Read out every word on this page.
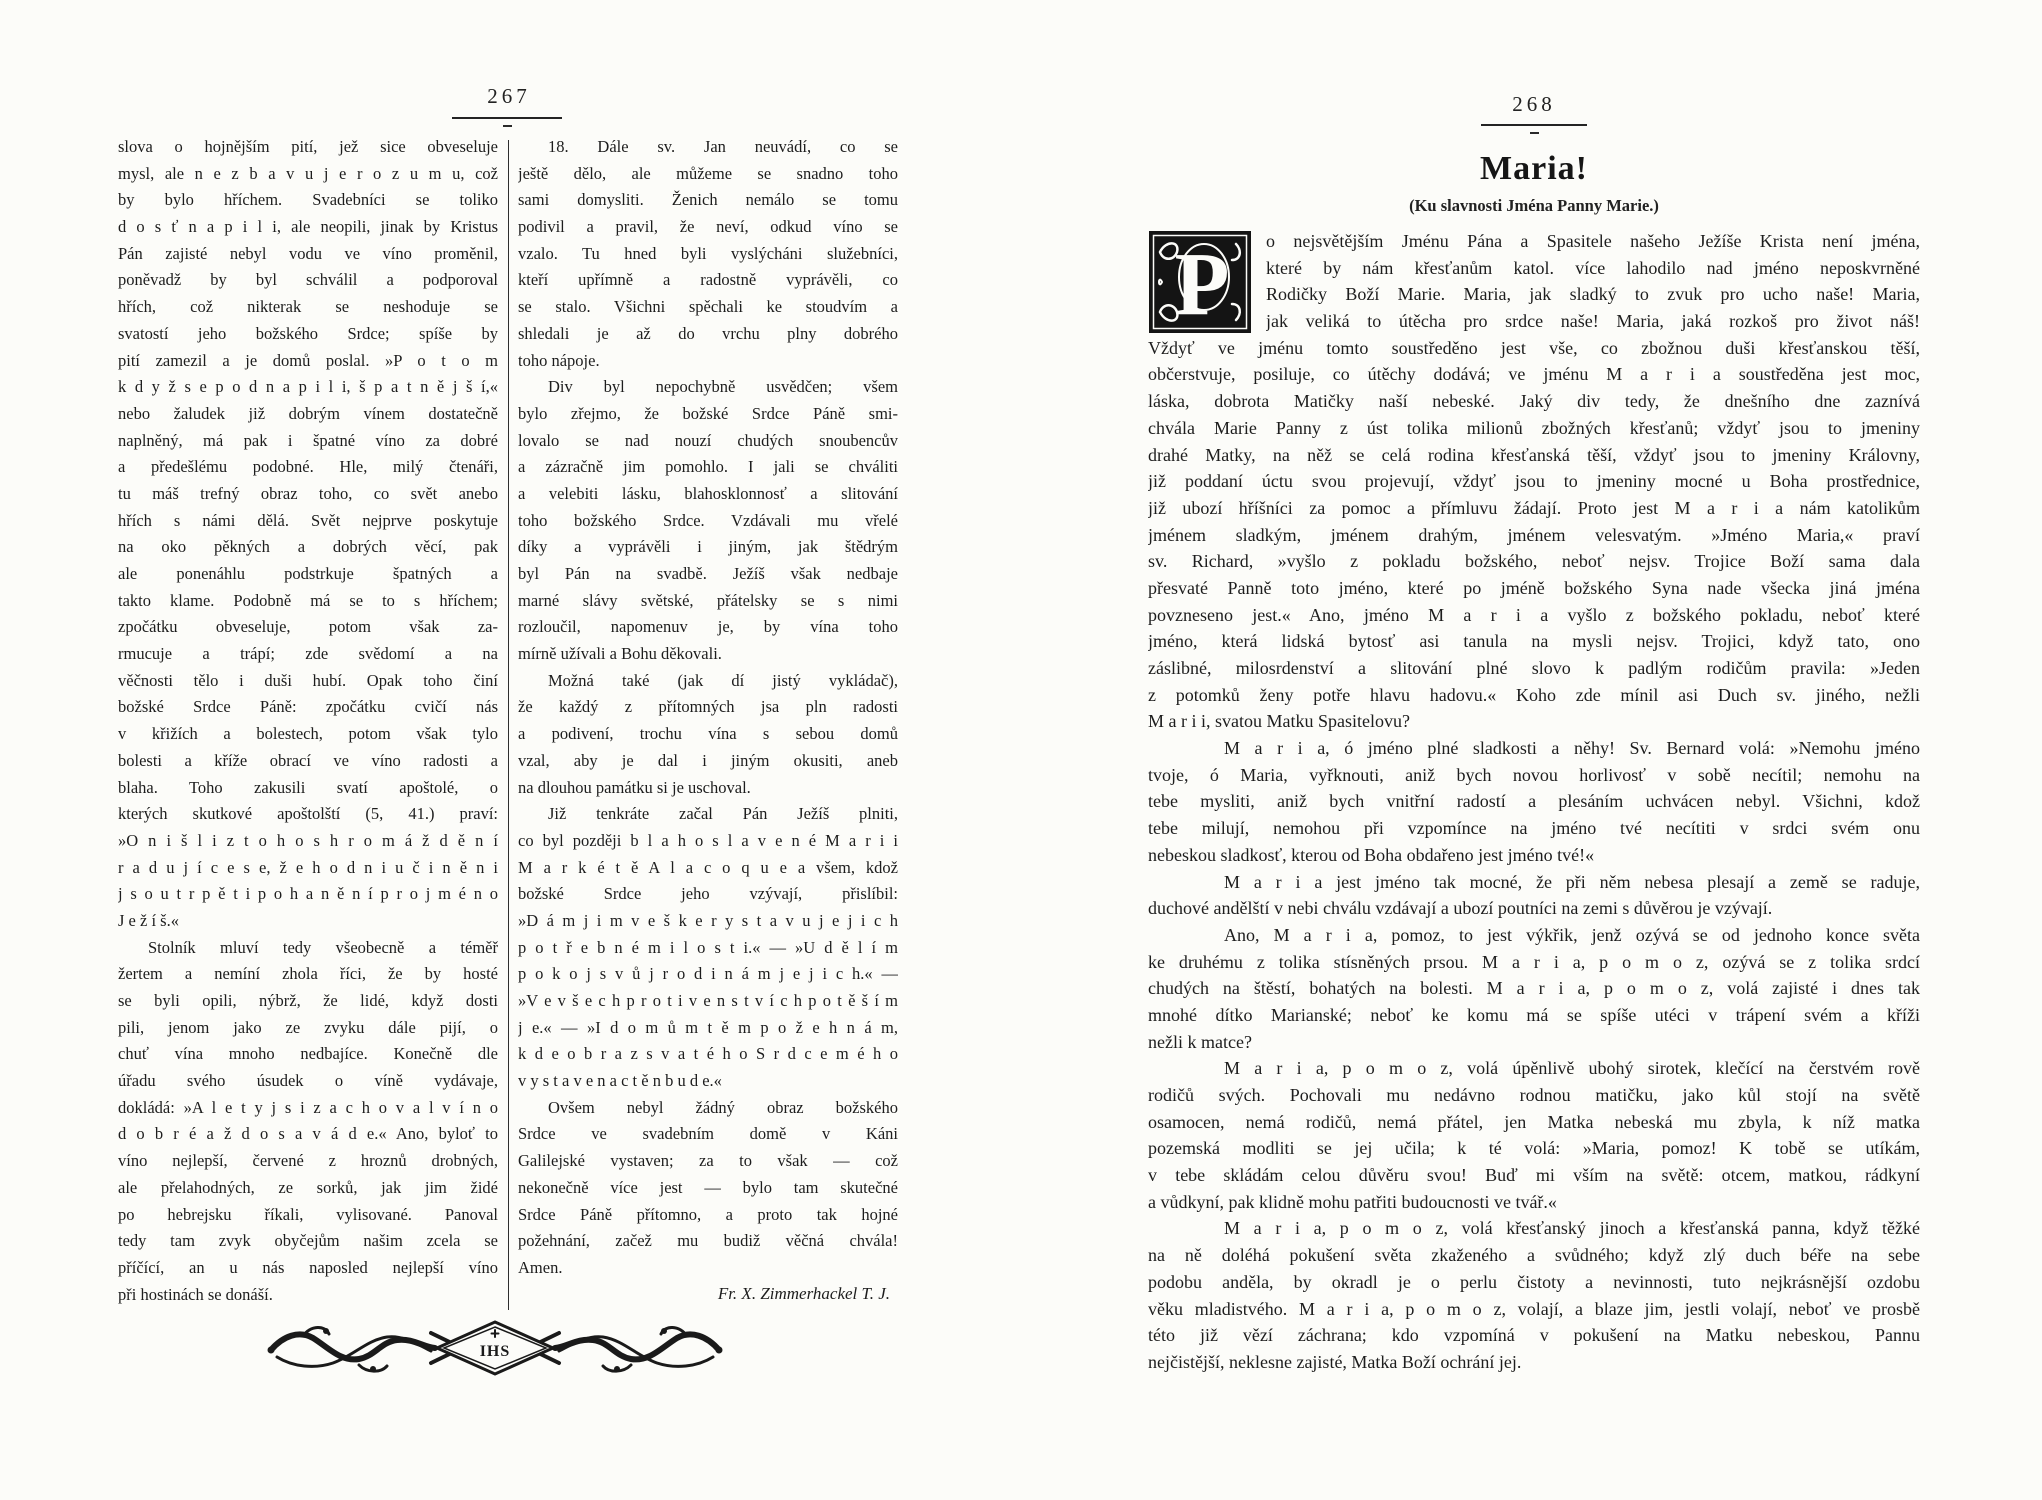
267
slova o hojnějším pití, jež sice obveseluje
mysl, ale n e z b a v u j e r o z u m u, což
by bylo hříchem. Svadebníci se toliko
d o s ť n a p i l i, ale neopili, jinak by Kristus
Pán zajisté nebyl vodu ve víno proměnil,
poněvadž by byl schválil a podporoval
hřích, což nikterak se neshoduje se
svatostí jeho božského Srdce; spíše by
pití zamezil a je domů poslal. »P o t o m
k d y ž s e p o d n a p i l i, š p a t n ě j š í,«
nebo žaludek již dobrým vínem dostatečně
naplněný, má pak i špatné víno za dobré
a předešlému podobné. Hle, milý čtenáři,
tu máš trefný obraz toho, co svět anebo
hřích s námi dělá. Svět nejprve poskytuje
na oko pěkných a dobrých věcí, pak
ale ponenáhlu podstrkuje špatných a
takto klame. Podobně má se to s hříchem;
zpočátku obveseluje, potom však za-
rmucuje a trápí; zde svědomí a na
věčnosti tělo i duši hubí. Opak toho činí
božské Srdce Páně: zpočátku cvičí nás
v křižích a bolestech, potom však tylo
bolesti a kříže obrací ve víno radosti a
blaha. Toho zakusili svatí apoštolé, o
kterých skutkové apoštolští (5, 41.) praví:
»O n i š l i z t o h o s h r o m á ž d ě n í
r a d u j í c e s e, ž e h o d n i u č i n ě n i
j s o u t r p ě t i p o h a n ě n í p r o j m é n o
J e ž í š.«
Stolník mluví tedy všeobecně a téměř
žertem a nemíní zhola říci, že by hosté
se byli opili, nýbrž, že lidé, když dosti
pili, jenom jako ze zvyku dále pijí, o
chuť vína mnoho nedbajíce. Konečně dle
úřadu svého úsudek o víně vydávaje,
dokládá: »A l e t y j s i z a c h o v a l v í n o
d o b r é a ž d o s a v á d e.« Ano, byloť to
víno nejlepší, červené z hroznů drobných,
ale přelahodných, ze sorků, jak jim židé
po hebrejsku říkali, vylisované. Panoval
tedy tam zvyk obyčejům našim zcela se
příčící, an u nás naposled nejlepší víno
při hostinách se donáší.
18. Dále sv. Jan neuvádí, co se
ještě dělo, ale můžeme se snadno toho
sami domysliti. Ženich nemálo se tomu
podivil a pravil, že neví, odkud víno se
vzalo. Tu hned byli vyslýcháni služebníci,
kteří upřímně a radostně vyprávěli, co
se stalo. Všichni spěchali ke stoudvím a
shledali je až do vrchu plny dobrého
toho nápoje.
Div byl nepochybně usvědčen; všem
bylo zřejmo, že božské Srdce Páně smi-
lovalo se nad nouzí chudých snoubencův
a zázračně jim pomohlo. I jali se chváliti
a velebiti lásku, blahosklonnosť a slitování
toho božského Srdce. Vzdávali mu vřelé
díky a vyprávěli i jiným, jak štědrým
byl Pán na svadbě. Ježíš však nedbaje
marné slávy světské, přátelsky se s nimi
rozloučil, napomenuv je, by vína toho
mírně užívali a Bohu děkovali.
Možná také (jak dí jistý vykládač),
že každý z přítomných jsa pln radosti
a podivení, trochu vína s sebou domů
vzal, aby je dal i jiným okusiti, aneb
na dlouhou památku si je uschoval.
Již tenkráte začal Pán Ježíš plniti,
co byl později b l a h o s l a v e n é M a r i i
M a r k é t ě A l a c o q u e a všem, kdož
božské Srdce jeho vzývají, přislíbil:
»D á m j i m v e š k e r y s t a v u j e j i c h
p o t ř e b n é m i l o s t i.« — »U d ě l í m
p o k o j s v ů j r o d i n á m j e j i c h.« —
»V e v š e c h p r o t i v e n s t v í c h p o t ě š í m
j e.« — »I d o m ů m t ě m p o ž e h n á m,
k d e o b r a z s v a t é h o S r d c e m é h o
v y s t a v e n a c t ě n b u d e.«
Ovšem nebyl žádný obraz božského
Srdce ve svadebním domě v Káni
Galilejské vystaven; za to však — což
nekonečně více jest — bylo tam skutečné
Srdce Páně přítomno, a proto tak hojné
požehnání, začež mu budiž věčná chvála!
Amen.
Fr. X. Zimmerhackel T. J.
IHS
268
Maria!
(Ku slavnosti Jména Panny Marie.)
P o nejsvětějším Jménu Pána a Spasitele našeho Ježíše Krista není jména,
které by nám křesťanům katol. více lahodilo nad jméno neposkvrněné
Rodičky Boží Marie. Maria, jak sladký to zvuk pro ucho naše! Maria,
jak veliká to útěcha pro srdce naše! Maria, jaká rozkoš pro život náš!
Vždyť ve jménu tomto soustředěno jest vše, co zbožnou duši křesťanskou těší,
občerstvuje, posiluje, co útěchy dodává; ve jménu M a r i a soustředěna jest moc,
láska, dobrota Matičky naší nebeské. Jaký div tedy, že dnešního dne zaznívá
chvála Marie Panny z úst tolika milionů zbožných křesťanů; vždyť jsou to jmeniny
drahé Matky, na něž se celá rodina křesťanská těší, vždyť jsou to jmeniny Královny,
již poddaní úctu svou projevují, vždyť jsou to jmeniny mocné u Boha prostřednice,
již ubozí hříšníci za pomoc a přímluvu žádají. Proto jest M a r i a nám katolikům
jménem sladkým, jménem drahým, jménem velesvatým. »Jméno Maria,« praví
sv. Richard, »vyšlo z pokladu božského, neboť nejsv. Trojice Boží sama dala
přesvaté Panně toto jméno, které po jméně božského Syna nade všecka jiná jména
povzneseno jest.« Ano, jméno M a r i a vyšlo z božského pokladu, neboť které
jméno, která lidská bytosť asi tanula na mysli nejsv. Trojici, když tato, ono
záslibné, milosrdenství a slitování plné slovo k padlým rodičům pravila: »Jeden
z potomků ženy potře hlavu hadovu.« Koho zde mínil asi Duch sv. jiného, nežli
M a r i i, svatou Matku Spasitelovu?
M a r i a, ó jméno plné sladkosti a něhy! Sv. Bernard volá: »Nemohu jméno
tvoje, ó Maria, vyřknouti, aniž bych novou horlivosť v sobě necítil; nemohu na
tebe mysliti, aniž bych vnitřní radostí a plesáním uchvácen nebyl. Všichni, kdož
tebe milují, nemohou při vzpomínce na jméno tvé necítiti v srdci svém onu
nebeskou sladkosť, kterou od Boha obdařeno jest jméno tvé!«
M a r i a jest jméno tak mocné, že při něm nebesa plesají a země se raduje,
duchové andělští v nebi chválu vzdávají a ubozí poutníci na zemi s důvěrou je vzývají.
Ano, M a r i a, pomoz, to jest výkřik, jenž ozývá se od jednoho konce světa
ke druhému z tolika stísněných prsou. M a r i a, p o m o z, ozývá se z tolika srdcí
chudých na štěstí, bohatých na bolesti. M a r i a, p o m o z, volá zajisté i dnes tak
mnohé dítko Marianské; neboť ke komu má se spíše utéci v trápení svém a kříži
nežli k matce?
M a r i a, p o m o z, volá úpěnlivě ubohý sirotek, klečící na čerstvém rově
rodičů svých. Pochovali mu nedávno rodnou matičku, jako kůl stojí na světě
osamocen, nemá rodičů, nemá přátel, jen Matka nebeská mu zbyla, k níž matka
pozemská modliti se jej učila; k té volá: »Maria, pomoz! K tobě se utíkám,
v tebe skládám celou důvěru svou! Buď mi vším na světě: otcem, matkou, rádkyní
a vůdkyní, pak klidně mohu patřiti budoucnosti ve tvář.«
M a r i a, p o m o z, volá křesťanský jinoch a křesťanská panna, když těžké
na ně doléhá pokušení světa zkaženého a svůdného; když zlý duch béře na sebe
podobu anděla, by okradl je o perlu čistoty a nevinnosti, tuto nejkrásnější ozdobu
věku mladistvého. M a r i a, p o m o z, volají, a blaze jim, jestli volají, neboť ve prosbě
této již vězí záchrana; kdo vzpomíná v pokušení na Matku nebeskou, Pannu
nejčistější, neklesne zajisté, Matka Boží ochrání jej.
